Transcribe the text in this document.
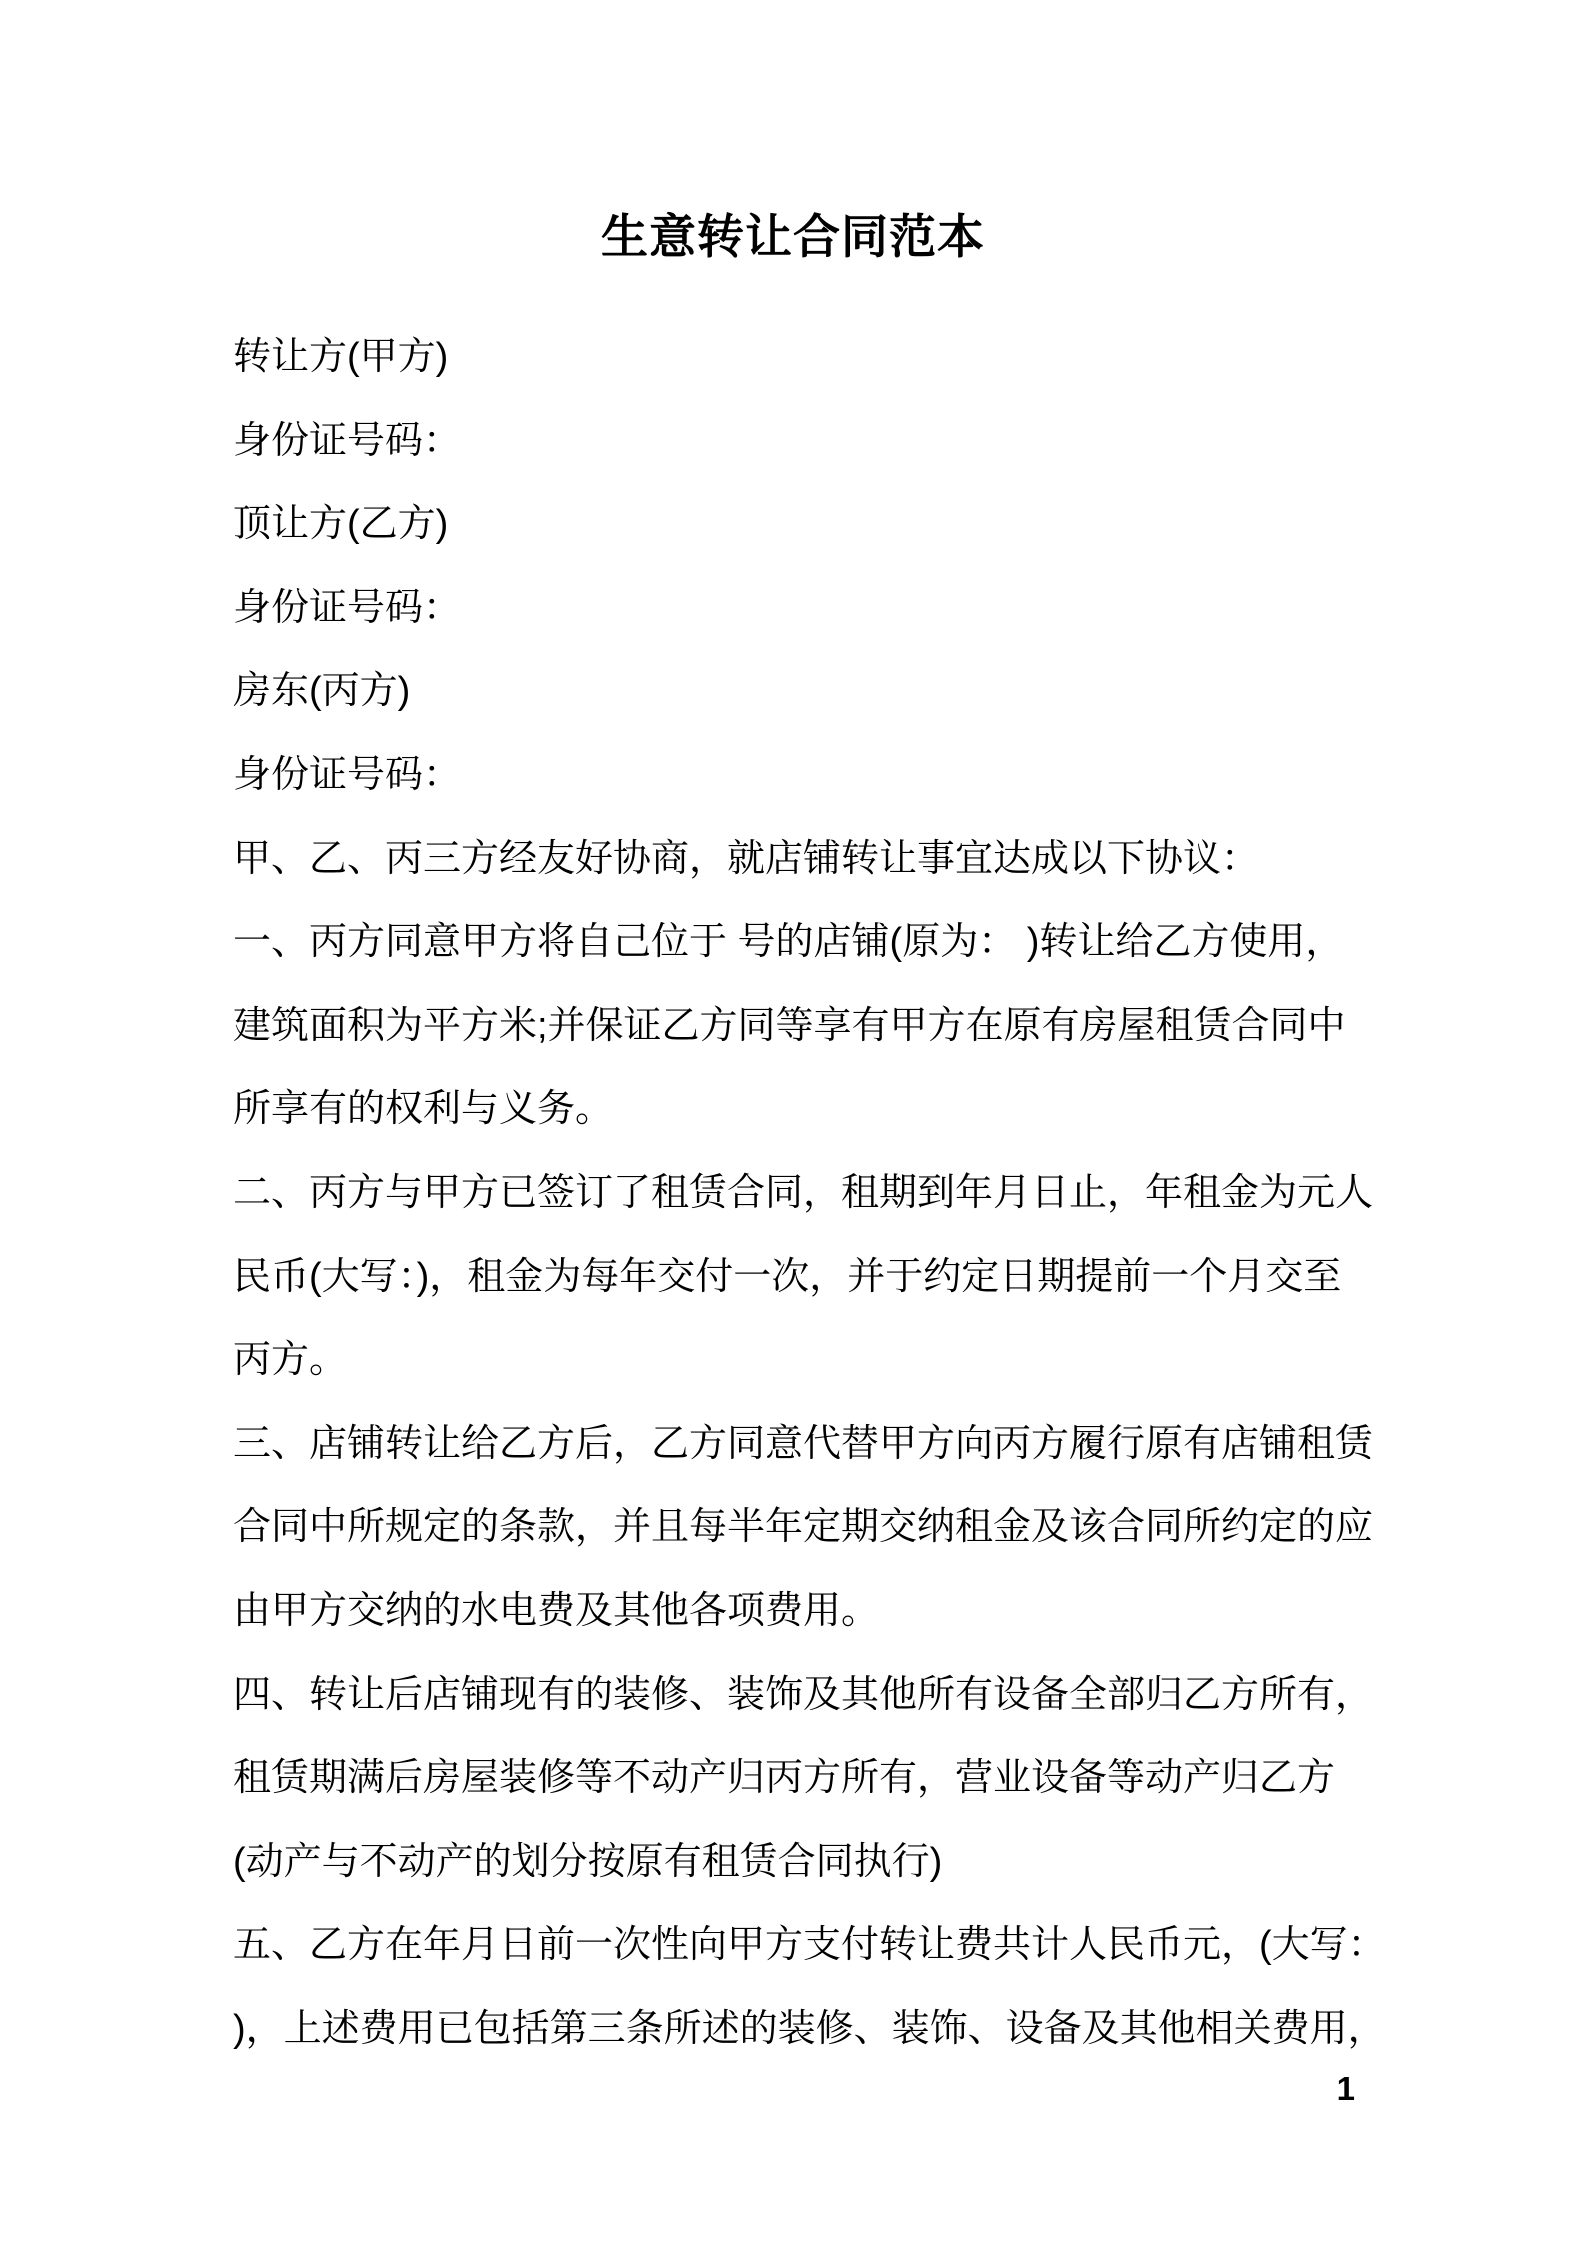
生意转让合同范本
转让方(甲方)
身份证号码：
顶让方(乙方)
身份证号码：
房东(丙方)
身份证号码：
甲、乙、丙三方经友好协商，就店铺转让事宜达成以下协议：
一、丙方同意甲方将自己位于 号的店铺(原为： )转让给乙方使用，
建筑面积为平方米;并保证乙方同等享有甲方在原有房屋租赁合同中
所享有的权利与义务。
二、丙方与甲方已签订了租赁合同，租期到年月日止，年租金为元人
民币(大写：)，租金为每年交付一次，并于约定日期提前一个月交至
丙方。
三、店铺转让给乙方后，乙方同意代替甲方向丙方履行原有店铺租赁
合同中所规定的条款，并且每半年定期交纳租金及该合同所约定的应
由甲方交纳的水电费及其他各项费用。
四、转让后店铺现有的装修、装饰及其他所有设备全部归乙方所有，
租赁期满后房屋装修等不动产归丙方所有，营业设备等动产归乙方
(动产与不动产的划分按原有租赁合同执行)
五、乙方在年月日前一次性向甲方支付转让费共计人民币元，(大写：
)，上述费用已包括第三条所述的装修、装饰、设备及其他相关费用，
1
